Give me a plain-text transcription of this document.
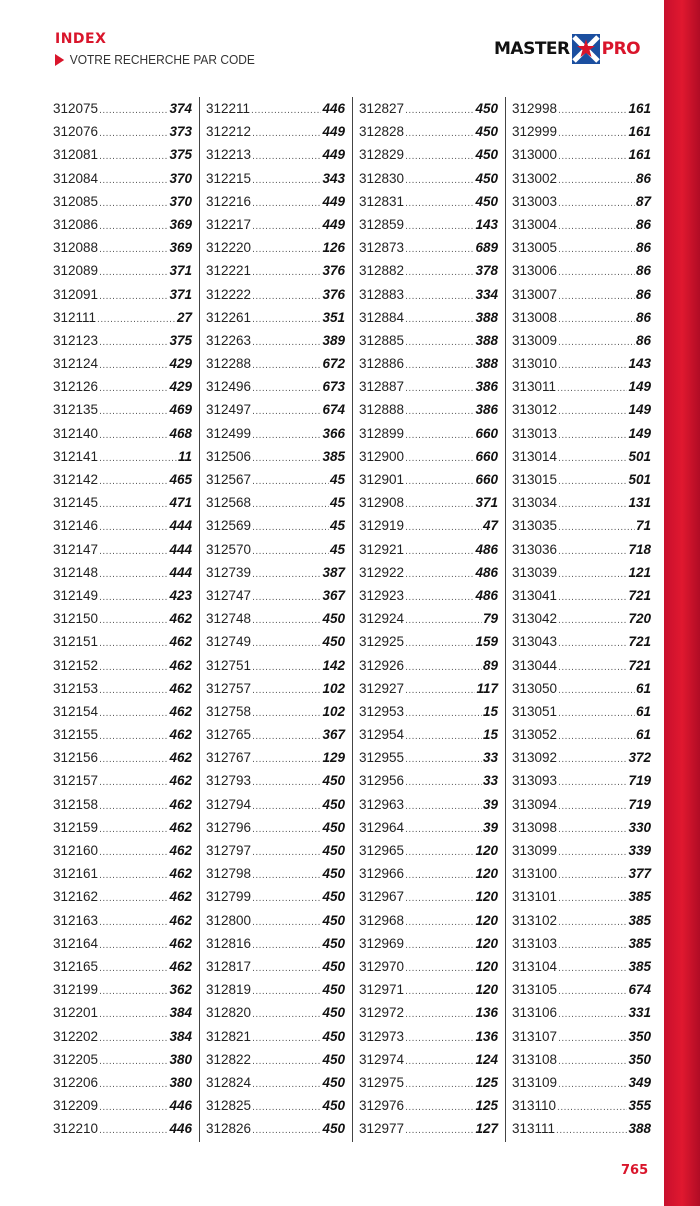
INDEX
VOTRE RECHERCHE PAR CODE
MASTER PRO
312075 .....	374
312076 .....	373
312081 .....	375
312084 .....	370
312085 .....	370
312086 .....	369
312088 .....	369
312089 .....	371
312091 .....	371
312111 .....	27
312123 .....	375
312124 .....	429
312126 .....	429
312135 .....	469
312140 .....	468
312141 .....	11
312142 .....	465
312145 .....	471
312146 .....	444
312147 .....	444
312148 .....	444
312149 .....	423
312150 .....	462
312151 .....	462
312152 .....	462
312153 .....	462
312154 .....	462
312155 .....	462
312156 .....	462
312157 .....	462
312158 .....	462
312159 .....	462
312160 .....	462
312161 .....	462
312162 .....	462
312163 .....	462
312164 .....	462
312165 .....	462
312199 .....	362
312201 .....	384
312202 .....	384
312205 .....	380
312206 .....	380
312209 .....	446
312210 .....	446
312211 .....	446
312212 .....	449
312213 .....	449
312215 .....	343
312216 .....	449
312217 .....	449
312220 .....	126
312221 .....	376
312222 .....	376
312261 .....	351
312263 .....	389
312288 .....	672
312496 .....	673
312497 .....	674
312499 .....	366
312506 .....	385
312567 .....	45
312568 .....	45
312569 .....	45
312570 .....	45
312739 .....	387
312747 .....	367
312748 .....	450
312749 .....	450
312751 .....	142
312757 .....	102
312758 .....	102
312765 .....	367
312767 .....	129
312793 .....	450
312794 .....	450
312796 .....	450
312797 .....	450
312798 .....	450
312799 .....	450
312800 .....	450
312816 .....	450
312817 .....	450
312819 .....	450
312820 .....	450
312821 .....	450
312822 .....	450
312824 .....	450
312825 .....	450
312826 .....	450
312827 .....	450
312828 .....	450
312829 .....	450
312830 .....	450
312831 .....	450
312859 .....	143
312873 .....	689
312882 .....	378
312883 .....	334
312884 .....	388
312885 .....	388
312886 .....	388
312887 .....	386
312888 .....	386
312899 .....	660
312900 .....	660
312901 .....	660
312908 .....	371
312919 .....	47
312921 .....	486
312922 .....	486
312923 .....	486
312924 .....	79
312925 .....	159
312926 .....	89
312927 .....	117
312953 .....	15
312954 .....	15
312955 .....	33
312956 .....	33
312963 .....	39
312964 .....	39
312965 .....	120
312966 .....	120
312967 .....	120
312968 .....	120
312969 .....	120
312970 .....	120
312971 .....	120
312972 .....	136
312973 .....	136
312974 .....	124
312975 .....	125
312976 .....	125
312977 .....	127
312998 .....	161
312999 .....	161
313000 .....	161
313002 .....	86
313003 .....	87
313004 .....	86
313005 .....	86
313006 .....	86
313007 .....	86
313008 .....	86
313009 .....	86
313010 .....	143
313011 .....	149
313012 .....	149
313013 .....	149
313014 .....	501
313015 .....	501
313034 .....	131
313035 .....	71
313036 .....	718
313039 .....	121
313041 .....	721
313042 .....	720
313043 .....	721
313044 .....	721
313050 .....	61
313051 .....	61
313052 .....	61
313092 .....	372
313093 .....	719
313094 .....	719
313098 .....	330
313099 .....	339
313100 .....	377
313101 .....	385
313102 .....	385
313103 .....	385
313104 .....	385
313105 .....	674
313106 .....	331
313107 .....	350
313108 .....	350
313109 .....	349
313110 .....	355
313111 .....	388
765
